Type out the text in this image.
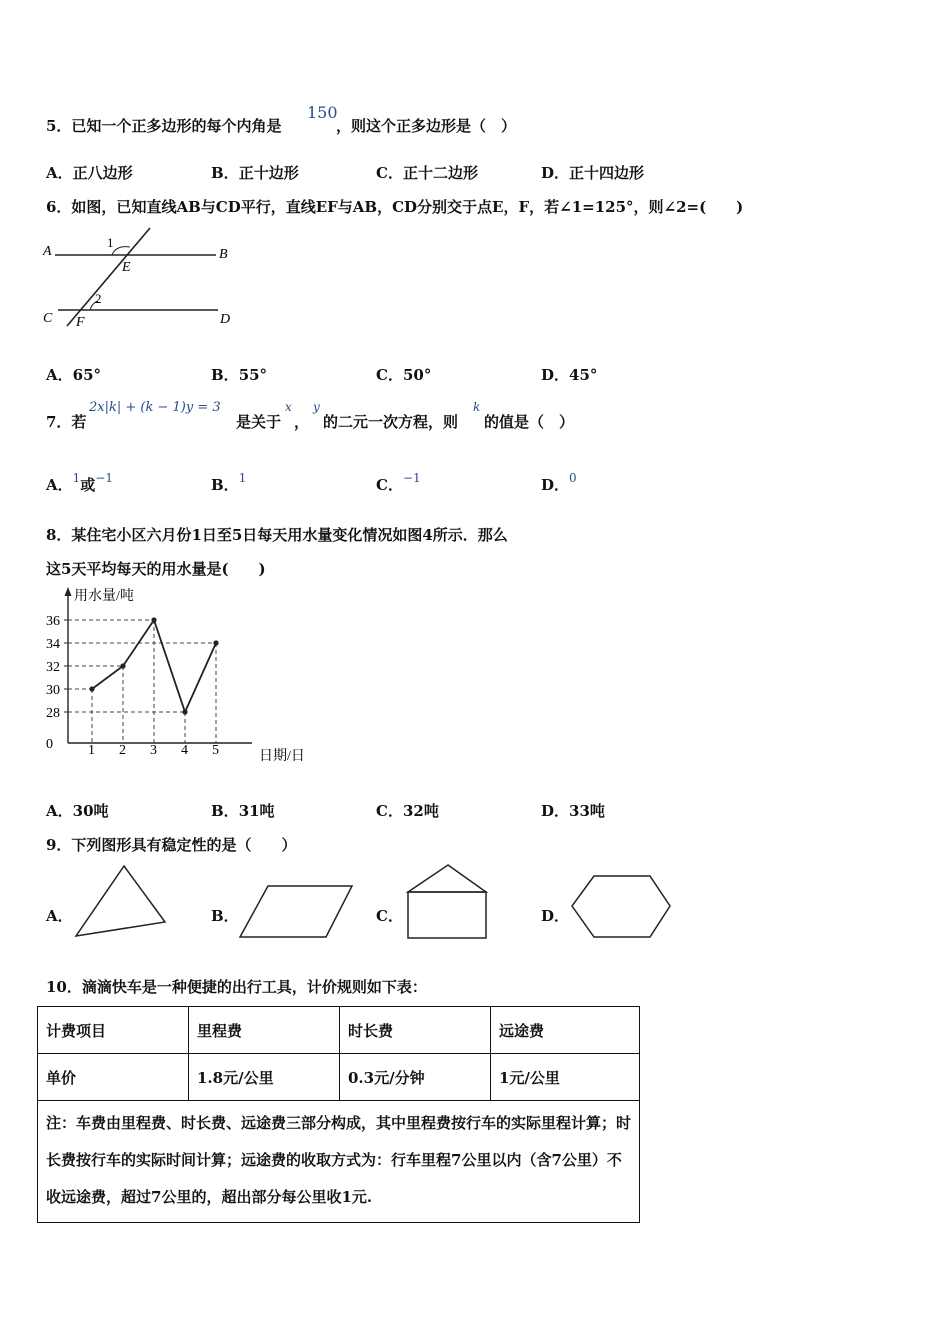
5．已知一个正多边形的每个内角是
150
，则这个正多边形是（　）
A．正八边形	B．正十边形	C．正十二边形	D．正十四边形
6．如图，已知直线AB与CD平行，直线EF与AB，CD分别交于点E，F，若∠1=125°，则∠2=(　　)
A	B
C	D
E
F
1
2
A．65°	B．55°	C．50°	D．45°
7．若
2x|k| + (k − 1)y = 3
是关于
x
，
y
的二元一次方程，则
k
的值是（　）
A．$^1$或$^{-1}$	B．$^1$	C．$^{-1}$	D．$^0$
8．某住宅小区六月份1日至5日每天用水量变化情况如图4所示．那么
这5天平均每天的用水量是(　　)
用水量/吨
日期/日
0
28
30
32
34
36
1 2 3 4 5
A．30吨	B．31吨	C．32吨	D．33吨
9．下列图形具有稳定性的是（　　）
A．	B．	C．	D．
10．滴滴快车是一种便捷的出行工具，计价规则如下表：
计费项目	里程费	时长费	远途费
单价	1.8元/公里	0.3元/分钟	1元/公里
注：车费由里程费、时长费、远途费三部分构成，其中里程费按行车的实际里程计算；时长费按行车的实际时间计算；远途费的收取方式为：行车里程7公里以内（含7公里）不收远途费，超过7公里的，超出部分每公里收1元.			
